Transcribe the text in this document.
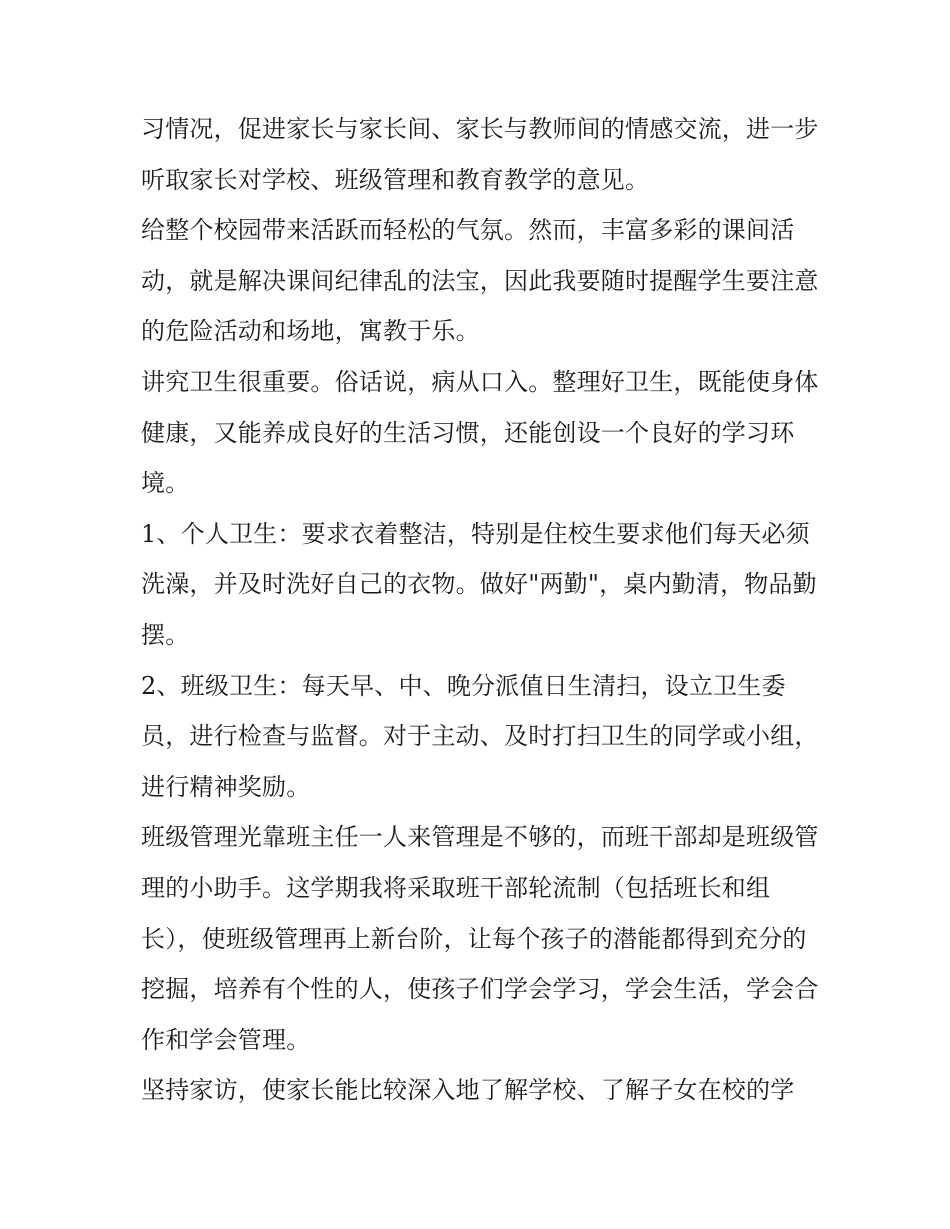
习情况，促进家长与家长间、家长与教师间的情感交流，进一步听取家长对学校、班级管理和教育教学的意见。

给整个校园带来活跃而轻松的气氛。然而，丰富多彩的课间活动，就是解决课间纪律乱的法宝，因此我要随时提醒学生要注意的危险活动和场地，寓教于乐。

讲究卫生很重要。俗话说，病从口入。整理好卫生，既能使身体健康，又能养成良好的生活习惯，还能创设一个良好的学习环境。

1、个人卫生：要求衣着整洁，特别是住校生要求他们每天必须洗澡，并及时洗好自己的衣物。做好"两勤"，桌内勤清，物品勤摆。

2、班级卫生：每天早、中、晚分派值日生清扫，设立卫生委员，进行检查与监督。对于主动、及时打扫卫生的同学或小组，进行精神奖励。

班级管理光靠班主任一人来管理是不够的，而班干部却是班级管理的小助手。这学期我将采取班干部轮流制（包括班长和组长），使班级管理再上新台阶，让每个孩子的潜能都得到充分的挖掘，培养有个性的人，使孩子们学会学习，学会生活，学会合作和学会管理。

坚持家访，使家长能比较深入地了解学校、了解子女在校的学
